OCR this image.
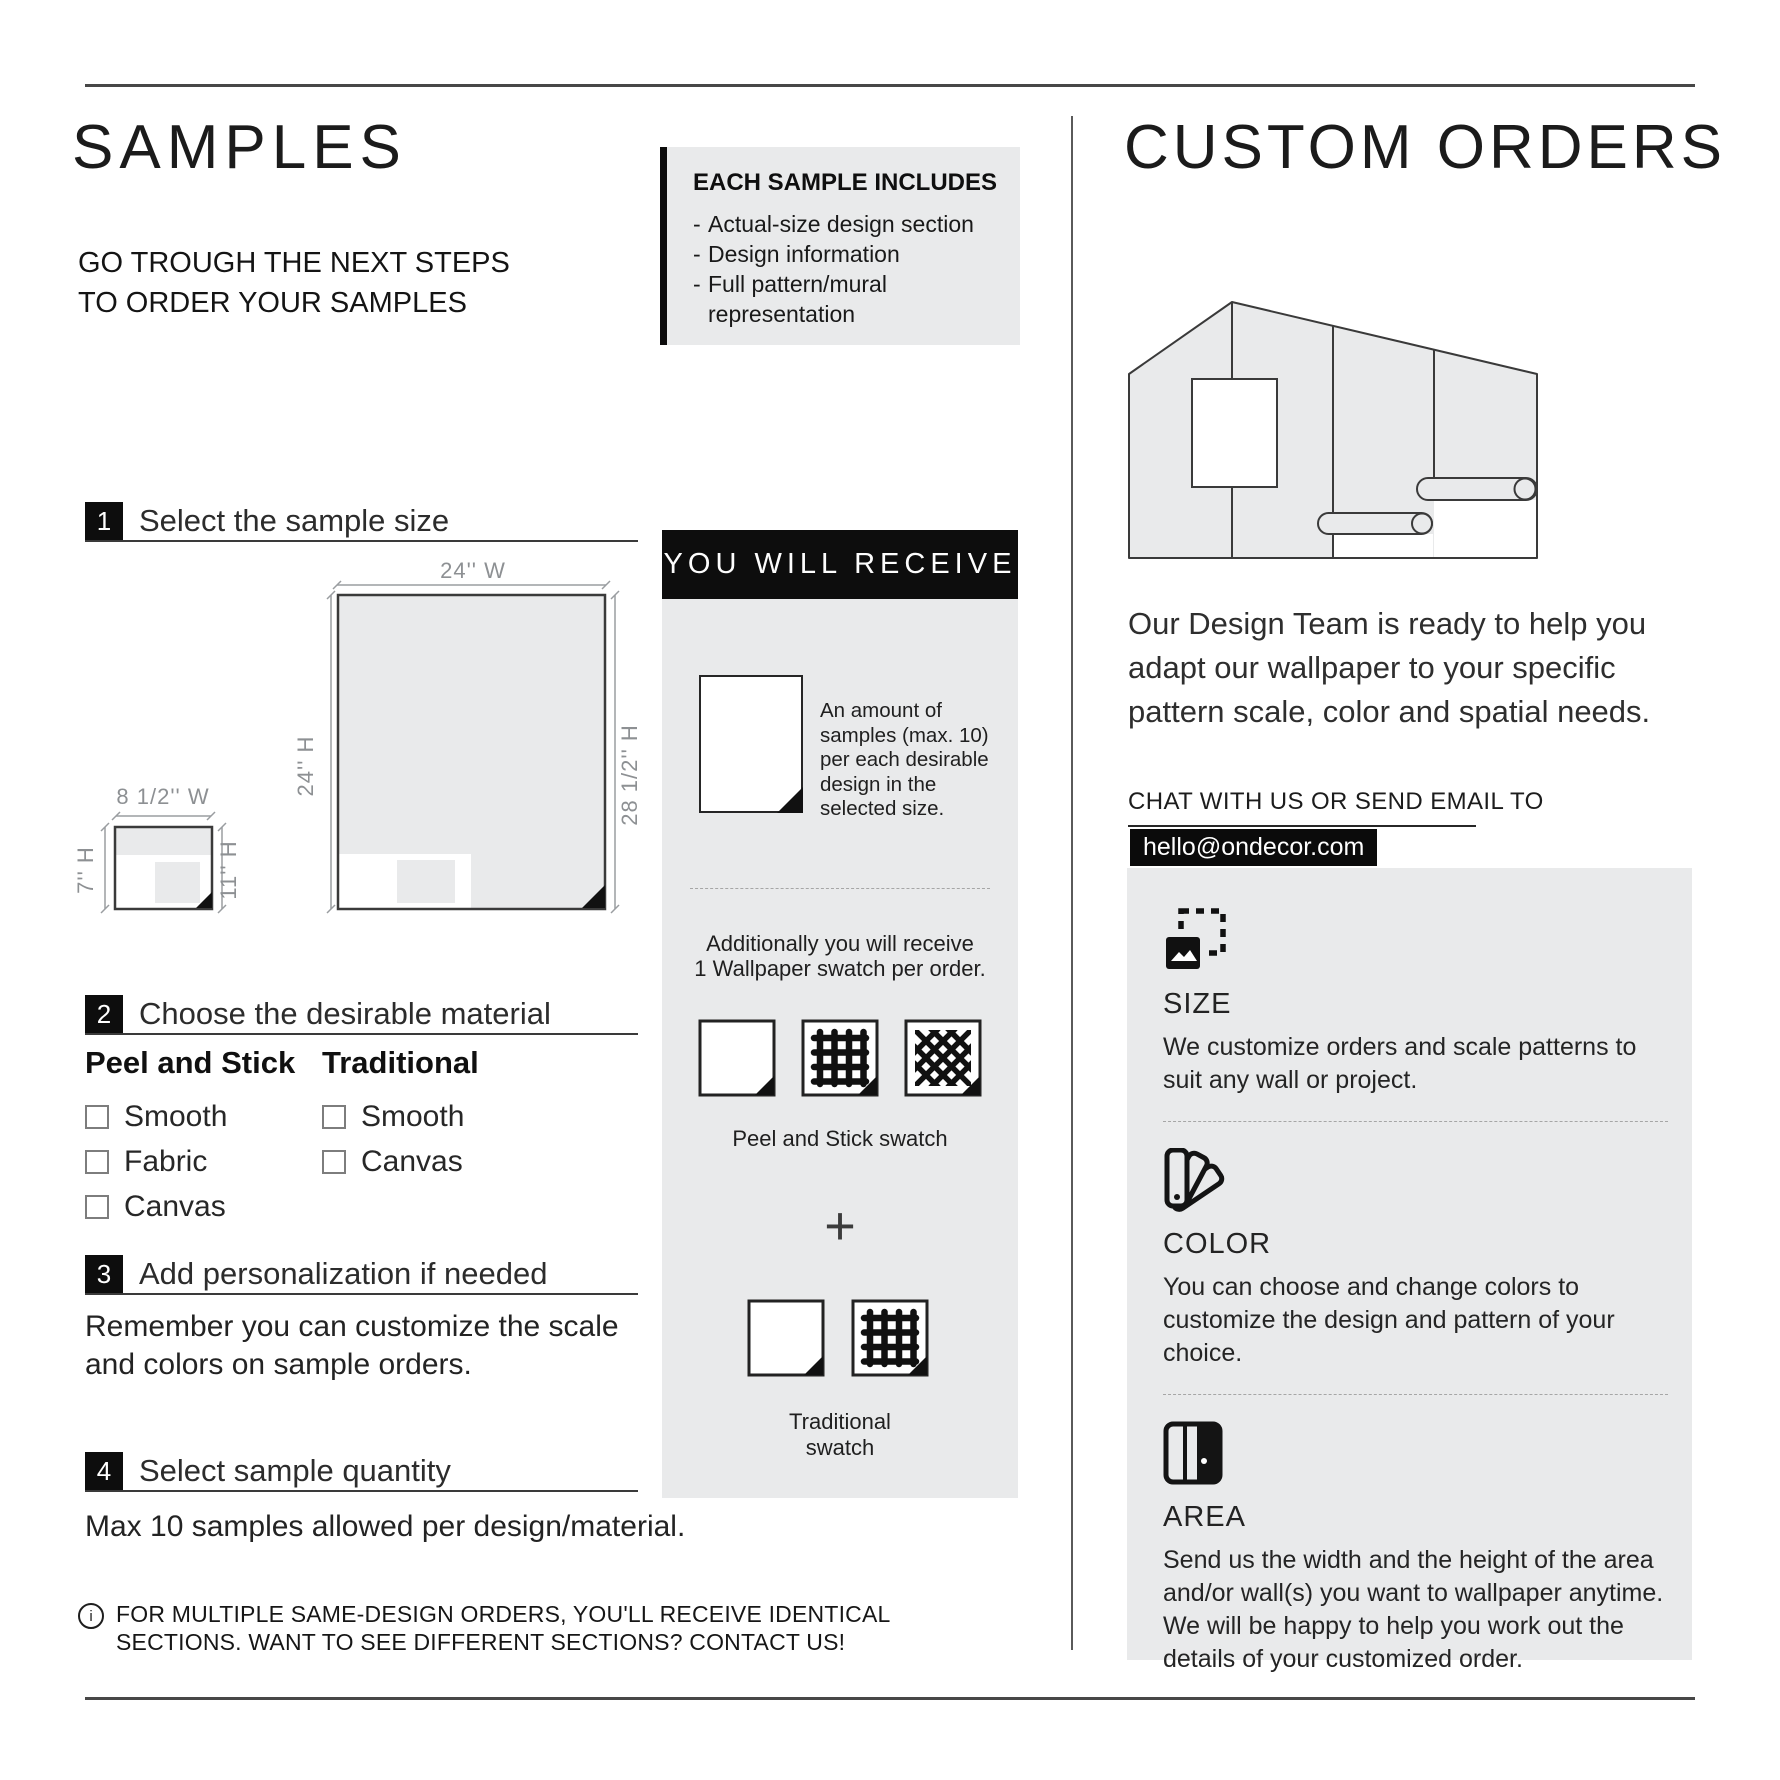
SAMPLES
GO TROUGH THE NEXT STEPS
TO ORDER YOUR SAMPLES
EACH SAMPLE INCLUDES
- Actual-size design section
- Design information
- Full pattern/mural representation
1 Select the sample size
24'' W
24'' H	28 1/2'' H
8 1/2'' W
7'' H	11'' H
2 Choose the desirable material
Peel and Stick
Smooth
Fabric
Canvas
Traditional
Smooth
Canvas
3 Add personalization if needed
Remember you can customize the scale
and colors on sample orders.
4 Select sample quantity
Max 10 samples allowed per design/material.
YOU WILL RECEIVE
An amount of samples (max. 10) per each desirable design in the selected size.
Additionally you will receive
1 Wallpaper swatch per order.
Peel and Stick swatch
+
Traditional swatch
CUSTOM ORDERS
Our Design Team is ready to help you adapt our wallpaper to your specific pattern scale, color and spatial needs.
CHAT WITH US OR SEND EMAIL TO
hello@ondecor.com
SIZE
We customize orders and scale patterns to suit any wall or project.
COLOR
You can choose and change colors to customize the design and pattern of your choice.
AREA
Send us the width and the height of the area and/or wall(s) you want to wallpaper anytime. We will be happy to help you work out the details of your customized order.
i	FOR MULTIPLE SAME-DESIGN ORDERS, YOU'LL RECEIVE IDENTICAL
SECTIONS. WANT TO SEE DIFFERENT SECTIONS? CONTACT US!
